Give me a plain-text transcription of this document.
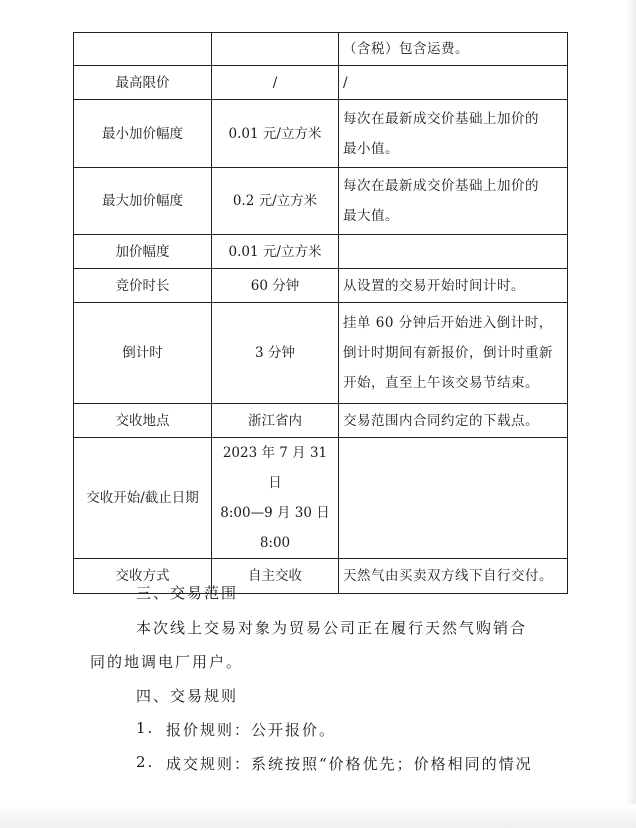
		（含税）包含运费。

最高限价	/	/

最小加价幅度	0.01 元/立方米	每次在最新成交价基础上加价的
最小值。

最大加价幅度	0.2 元/立方米	每次在最新成交价基础上加价的
最大值。

加价幅度	0.01 元/立方米	

竞价时长	60 分钟	从设置的交易开始时间计时。

倒计时	3 分钟	挂单 60 分钟后开始进入倒计时，
倒计时期间有新报价，倒计时重新
开始，直至上午该交易节结束。

交收地点	浙江省内	交易范围内合同约定的下载点。

交收开始/截止日期	2023 年 7 月 31 日
8:00—9 月 30 日
8:00	

交收方式	自主交收	天然气由买卖双方线下自行交付。
三、交易范围
本次线上交易对象为贸易公司正在履行天然气购销合
同的地调电厂用户。
四、交易规则
1. 报价规则：公开报价。
2. 成交规则：系统按照“价格优先；价格相同的情况
